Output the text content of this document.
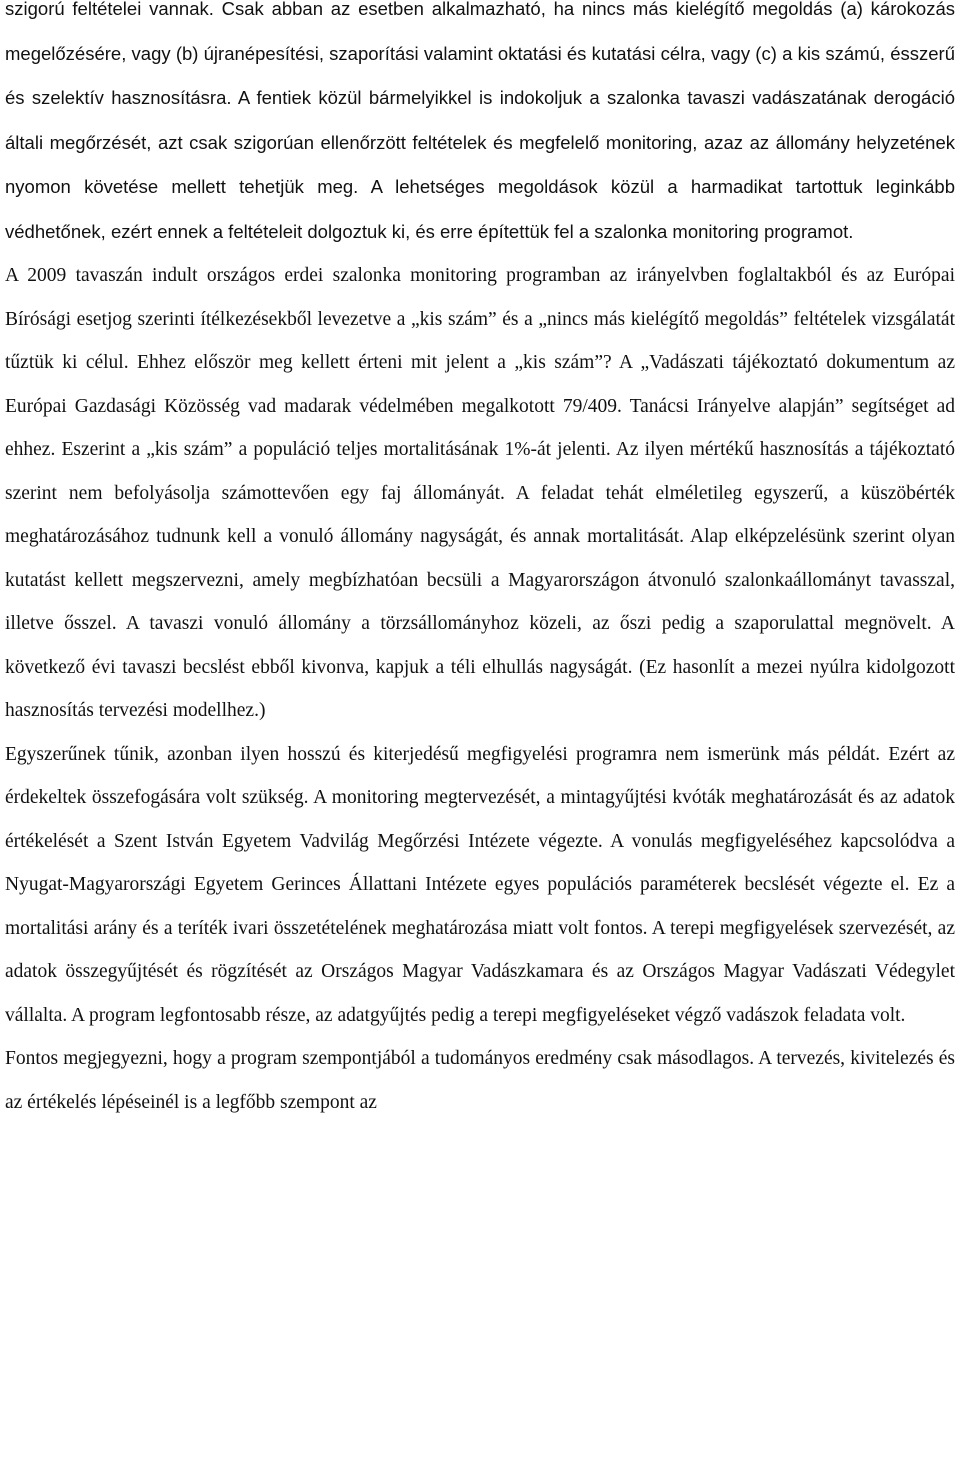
szigorú feltételei vannak. Csak abban az esetben alkalmazható, ha nincs más kielégítő megoldás (a) károkozás megelőzésére, vagy (b) újranépesítési, szaporítási valamint oktatási és kutatási célra, vagy (c) a kis számú, ésszerű és szelektív hasznosításra. A fentiek közül bármelyikkel is indokoljuk a szalonka tavaszi vadászatának derogáció általi megőrzését, azt csak szigorúan ellenőrzött feltételek és megfelelő monitoring, azaz az állomány helyzetének nyomon követése mellett tehetjük meg. A lehetséges megoldások közül a harmadikat tartottuk leginkább védhetőnek, ezért ennek a feltételeit dolgoztuk ki, és erre építettük fel a szalonka monitoring programot.

A 2009 tavaszán indult országos erdei szalonka monitoring programban az irányelvben foglaltakból és az Európai Bírósági esetjog szerinti ítélkezésekből levezetve a „kis szám” és a „nincs más kielégítő megoldás” feltételek vizsgálatát tűztük ki célul. Ehhez először meg kellett érteni mit jelent a „kis szám”? A „Vadászati tájékoztató dokumentum az Európai Gazdasági Közösség vad madarak védelmében megalkotott 79/409. Tanácsi Irányelve alapján” segítséget ad ehhez. Eszerint a „kis szám” a populáció teljes mortalitásának 1%-át jelenti. Az ilyen mértékű hasznosítás a tájékoztató szerint nem befolyásolja számottevően egy faj állományát. A feladat tehát elméletileg egyszerű, a küszöbérték meghatározásához tudnunk kell a vonuló állomány nagyságát, és annak mortalitását. Alap elképzelésünk szerint olyan kutatást kellett megszervezni, amely megbízhatóan becsüli a Magyarországon átvonuló szalonkaállományt tavasszal, illetve ősszel. A tavaszi vonuló állomány a törzsállományhoz közeli, az őszi pedig a szaporulattal megnövelt. A következő évi tavaszi becslést ebből kivonva, kapjuk a téli elhullás nagyságát. (Ez hasonlít a mezei nyúlra kidolgozott hasznosítás tervezési modellhez.)

Egyszerűnek tűnik, azonban ilyen hosszú és kiterjedésű megfigyelési programra nem ismerünk más példát. Ezért az érdekeltek összefogására volt szükség. A monitoring megtervezését, a mintagyűjtési kvóták meghatározását és az adatok értékelését a Szent István Egyetem Vadvilág Megőrzési Intézete végezte. A vonulás megfigyeléséhez kapcsolódva a Nyugat-Magyarországi Egyetem Gerinces Állattani Intézete egyes populációs paraméterek becslését végezte el. Ez a mortalitási arány és a teríték ivari összetételének meghatározása miatt volt fontos. A terepi megfigyelések szervezését, az adatok összegyűjtését és rögzítését az Országos Magyar Vadászkamara és az Országos Magyar Vadászati Védegylet vállalta. A program legfontosabb része, az adatgyűjtés pedig a terepi megfigyeléseket végző vadászok feladata volt.

Fontos megjegyezni, hogy a program szempontjából a tudományos eredmény csak másodlagos. A tervezés, kivitelezés és az értékelés lépéseinél is a legfőbb szempont az
